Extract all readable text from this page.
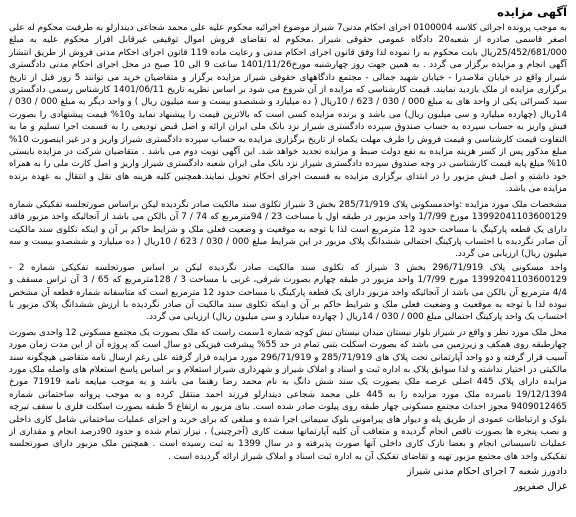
آگهی مزایده

به موجب پرونده اجرائی کلاسه 0100004 اجرای احکام مدنی7 شیراز موضوع اجرائیه محکوم علیه علی محمد شجاعی دیندارلو به طرفیت محکوم له علی اصغر قاسمی صادره از شعبه20 دادگاه عمومی حقوقی شیراز ،محکوم له تقاضای فروش اموال توقیفی غیرقابل افراز محکوم علیه به مبلغ 25/452/681/000ریال بابت محکوم به را نموده لذا وفق قانون اجرای احکام مدنی و رعایت ماده 119 قانون اجرای احکام مدنی فروش از طریق انتشار آگهی انجام و مزایده برگزار می گردد . به همین جهت روز چهارشنبه مورخ1401/11/26 ساعت 9 الی 10 صبح در محل اجرای احکام مدنی دادگستری شیراز واقع در خیابان ملاصدرا - خیابان شهید جمالی - مجتمع دادگاههای حقوقی شیراز مزایده برگزار و متقاضیان خرید می توانند 5 روز قبل از تاریخ برگزاری مزایده از ملک بازدید نمایند. قیمت کارشناسی که مزایده از آن شروع می شود بر اساس نظریه تاریخ 1401/06/11 کارشناس رسمی دادگستری سید کسرائی یکی از واحد های به مبلغ 000 / 030 / 623 / 10ریال ( ده میلیارد و ششصدو بیست و سه میلیون ریال ) و واحد دیگر به مبلغ 000 / 030 / 14ریال (چهارده میلیارد و سی میلیون ریال) می باشد و برنده مزایده کسی است که بالاترین قیمت را پیشنهاد نماید و10% قیمت پیشنهادی را بصورت فیش واریز به حساب سپرده به حساب صندوق سپرده دادگستری شیراز نزد بانک ملی ایران ارائه و اصل قبض تودیعی را به قسمت اجرا تسلیم و ما به التفاوت قیمت کارشناسی و قیمت فروش را ظرف مهلت یکماه از تاریخ برگزاری مزایده به حساب سپرده دادگستری شیراز واریز و در غیر اینصورت 10% مبلغ مذکور پس از کسر هزینه مزایده به نفع دولت ضبط و مزایده تجدید خواهد شد. این آگهی نوبت دوم می باشد . متقاضیان شرکت در مزایده بایستی 10% مبلغ پایه قیمت کارشناسی در وجه صندوق سپرده دادگستری شیراز نزد بانک ملی ایران شعبه دادگستری شیراز واریز و اصل کارت ملی را به همراه خود داشته و اصل فیش مزبور را در ابتدای برگزاری مزایده به قسمت اجرای احکام تحویل نمایند.همچنین کلیه هزینه های نقل و انتقال به عهده برنده مزایده می باشد.

مشخصات ملک مورد مزایده :واحدمسکونی پلاک 285/71/919 بخش 3 شیراز تکلوی سند مالکیت صادر نگردیده لیکن براساس صورتجلسه تفکیکی شماره 13992041103600129 مورخ 1/7/99 واحد مزبور در طبقه اول با مساحت 23 / 94مترمربع که 74 / 7 آن بالکن می باشد از آنجائیکه واحد مزبور فاقد دارای یک قطعه پارکینگ با مساحت حدود 12 مترمربع است لذا با توجه به موقعیت و وضعیت فعلی ملک و شرایط حاکم بر آن و اینکه تکلوی سند مالکیت آن صادر نگردیده با احتساب پارکینگ احتمالی ششدانگ پلاک مزبور در این شرایط مبلغ 000 / 030 / 623 / 10ریال ( ده میلیارد و ششصدو بیست و سه میلیون ریال) ارزیابی می گردد.

واحد مسکونی پلاک 296/71/919 بخش 3 شیراز که تکلوی سند مالکیت صادر نگردیده لیکن بر اساس صورتجلسه تفکیکی شماره 2 - 13992041103600129 مورخ 1/7/99 واحد مزبور در طبقه چهارم بصورت شرقی، غربی با مساحت 3 / 128مترمربع که 65 / 3 آن تراس مسقف و 4/4 مترمربع آن بالکن می باشد از آنجائیکه واحد مزبور دارای یک قطعه پارکینگ با مساحت حدود 12 مترمربع است که متاسفانه شماره قطعه آن مشخص نبوده لذا با توجه به موقعیت و وضعیت فعلی ملک و شرایط حاکم بر آن و اینکه تکلوی سند مالکیت آن صادر نگردیده با ارزش ششدانگ پلاک مزبور با احتساب یک واحد پارکینگ احتمالی مبلغ 000 / 030 / 14ریال ( چهارده میلیارد و سی میلیون ریال) ارزیابی می گردد.

محل ملک مورد نظر و واقع در شیراز بلوار نیستان میدان نیستان نبش کوچه شماره 1سمت راست که ملک بصورت یک مجتمع مسکونی 12 واحدی بصورت چهارطبقه روی همکف و زیرزمین می باشد که بصورت اسکلت بتنی تمام در حد 55% پیشرفت فیزیکی دو سال است که پروژه آن از این مدت زمان مورد آسیب قرار گرفته و دو واحد آپارتمانی تحت پلاک های 285/71/919 و 296/71/919 مورد مزایده قرار گرفته علی رغم ارسال نامه متقاضی هیچگونه سند مالکیتی در اختیار نداشته و لذا سوابق پلاک به اداره ثبت و اسناد و املاک شیراز و شهرداری شیراز استعلام و بر اساس پاسخ استعلام های واصله ملک مورد مزایده دارای پلاک 445 اصلی عرصه ملک بصورت یک سند شش دانگ به نام محمد رضا رهنما می باشد و به موجب مبایعه نامه 71919 مورخ 19/12/1394 نامبرده ملک مورد مزایده را به 445 علی محمد شجاعی دیندارلو فرزند احمد منتقل کرده و به موجب پروانه ساختمانی شماره 9409012465 مجوز احداث مجتمع مسکونی چهار طبقه روی پیلوت صادر شده است. بنای مزبور به ارتفاع 5 طبقه بصورت اسکلت فلزی با سقف تیرچه بلوک و ارتباطات عمودی از طریق پله و دیوار های پیرامونی بلوک سیمانی اجرا شده و مبلغی که برای خرید و اجرای عملیات ساختمانی شامل کاری داخلی و نصب پنجره ها بصورت ناقص انجام گردیده و متعاقب آن کلیه آپارتمانها سفت کاری (آجرچینی) ، نیزار تمام شده و حدود 90درصد انجام و مقداری از عملیات تاسیساتی انجام و بعضا نازک کاری داخلی آنها صورت پذیرفته و در سال 1399 به ثبت رسیده است . همچنین ملک مزبور دارای صورتجلسه تفکیکی واحد های مجتمع مزبور تهیه و تقاضای تفکیک آن به اداره ثبت اسناد و املاک شیراز ارائه گردیده است .

دادورز شعبه 7 اجرای احکام مدنی شیراز
غزال صفرپور
